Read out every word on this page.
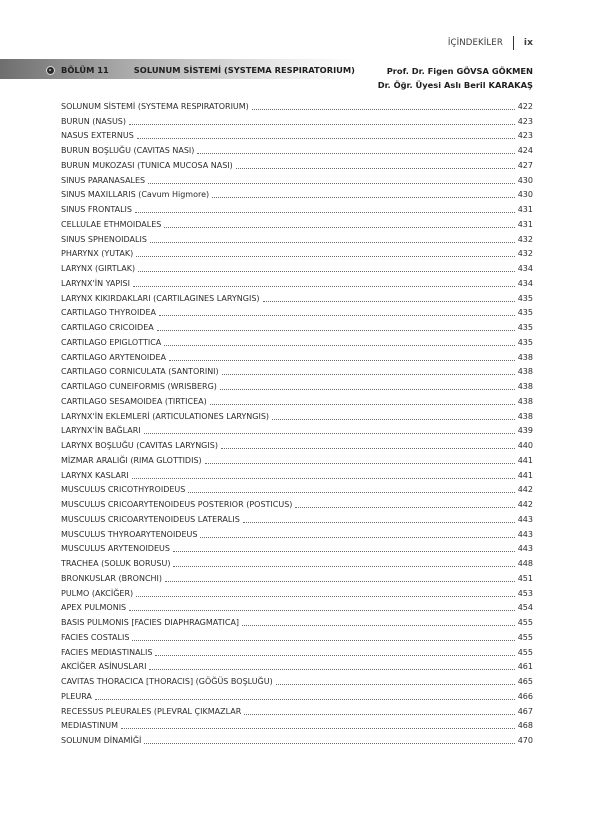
İÇİNDEKİLER ix
BÖLÜM 11	SOLUNUM SİSTEMİ (SYSTEMA RESPIRATORIUM)	Prof. Dr. Figen GÖVSA GÖKMEN
Dr. Öğr. Üyesi Aslı Beril KARAKAŞ
SOLUNUM SİSTEMİ (SYSTEMA RESPIRATORIUM)	422
BURUN (NASUS)	423
NASUS EXTERNUS	423
BURUN BOŞLUĞU (CAVITAS NASI)	424
BURUN MUKOZASI (TUNICA MUCOSA NASI)	427
SINUS PARANASALES	430
SINUS MAXILLARIS (Cavum Higmore)	430
SINUS FRONTALIS	431
CELLULAE ETHMOIDALES	431
SINUS SPHENOIDALIS	432
PHARYNX (YUTAK)	432
LARYNX (GIRTLAK)	434
LARYNX'İN YAPISI	434
LARYNX KIKIRDAKLARI (CARTILAGINES LARYNGIS)	435
CARTILAGO THYROIDEA	435
CARTILAGO CRICOIDEA	435
CARTILAGO EPIGLOTTICA	435
CARTILAGO ARYTENOIDEA	438
CARTILAGO CORNICULATA (SANTORINI)	438
CARTILAGO CUNEIFORMIS (WRISBERG)	438
CARTILAGO SESAMOIDEA (TIRTICEA)	438
LARYNX'İN EKLEMLERİ (ARTICULATIONES LARYNGIS)	438
LARYNX'İN BAĞLARI	439
LARYNX BOŞLUĞU (CAVITAS LARYNGIS)	440
MİZMAR ARALIĞI (RIMA GLOTTIDIS)	441
LARYNX KASLARI	441
MUSCULUS CRICOTHYROIDEUS	442
MUSCULUS CRICOARYTENOIDEUS POSTERIOR (POSTICUS)	442
MUSCULUS CRICOARYTENOIDEUS LATERALIS	443
MUSCULUS THYROARYTENOIDEUS	443
MUSCULUS ARYTENOIDEUS	443
TRACHEA (SOLUK BORUSU)	448
BRONKUSLAR (BRONCHI)	451
PULMO (AKCİĞER)	453
APEX PULMONIS	454
BASIS PULMONIS [FACIES DIAPHRAGMATICA]	455
FACIES COSTALIS	455
FACIES MEDIASTINALIS	455
AKCİĞER ASİNUSLARI	461
CAVITAS THORACICA [THORACIS] (GÖĞÜS BOŞLUĞU)	465
PLEURA	466
RECESSUS PLEURALES (PLEVRAL ÇIKMAZLAR	467
MEDIASTINUM	468
SOLUNUM DİNAMİĞİ	470
